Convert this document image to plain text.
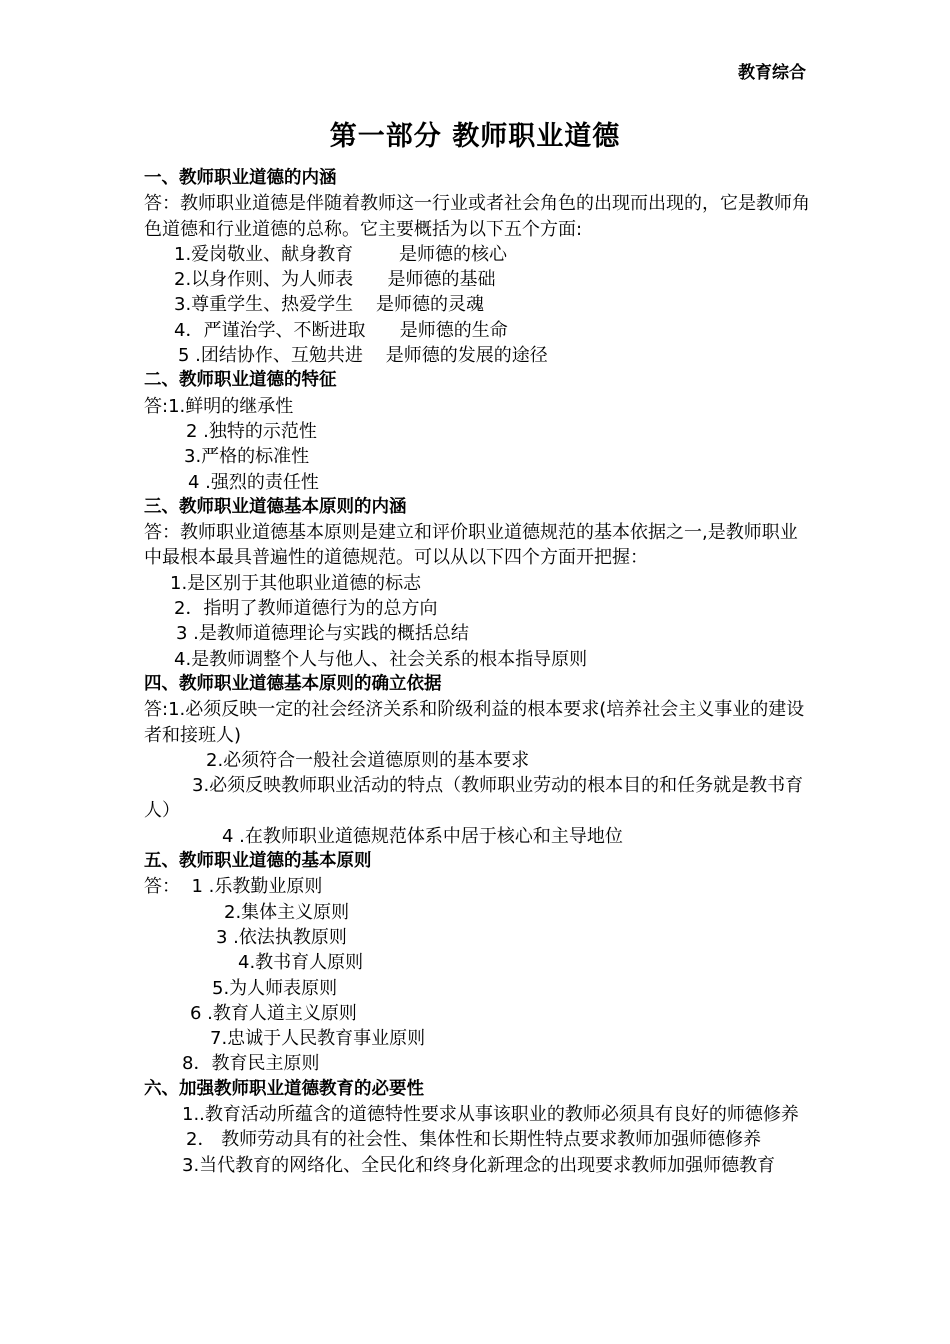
教育综合
第一部分 教师职业道德
一、教师职业道德的内涵
答：教师职业道德是伴随着教师这一行业或者社会角色的出现而出现的，它是教师角色道德和行业道德的总称。它主要概括为以下五个方面:
1.爱岗敬业、献身教育        是师德的核心
2.以身作则、为人师表      是师德的基础
3.尊重学生、热爱学生    是师德的灵魂
4．严谨治学、不断进取      是师德的生命
5 .团结协作、互勉共进    是师德的发展的途径
二、教师职业道德的特征
答:1.鲜明的继承性
2 .独特的示范性
3.严格的标准性
4 .强烈的责任性
三、教师职业道德基本原则的内涵
答：教师职业道德基本原则是建立和评价职业道德规范的基本依据之一,是教师职业中最根本最具普遍性的道德规范。可以从以下四个方面开把握：
1.是区别于其他职业道德的标志
2．指明了教师道德行为的总方向
3 .是教师道德理论与实践的概括总结
4.是教师调整个人与他人、社会关系的根本指导原则
四、教师职业道德基本原则的确立依据
答:1.必须反映一定的社会经济关系和阶级利益的根本要求(培养社会主义事业的建设者和接班人)
2.必须符合一般社会道德原则的基本要求
3.必须反映教师职业活动的特点（教师职业劳动的根本目的和任务就是教书育人）
4 .在教师职业道德规范体系中居于核心和主导地位
五、教师职业道德的基本原则
答：  1 .乐教勤业原则
2.集体主义原则
3 .依法执教原则
4.教书育人原则
5.为人师表原则
6 .教育人道主义原则
7.忠诚于人民教育事业原则
8．教育民主原则
六、加强教师职业道德教育的必要性
1..教育活动所蕴含的道德特性要求从事该职业的教师必须具有良好的师德修养
2． 教师劳动具有的社会性、集体性和长期性特点要求教师加强师德修养
3.当代教育的网络化、全民化和终身化新理念的出现要求教师加强师德教育
